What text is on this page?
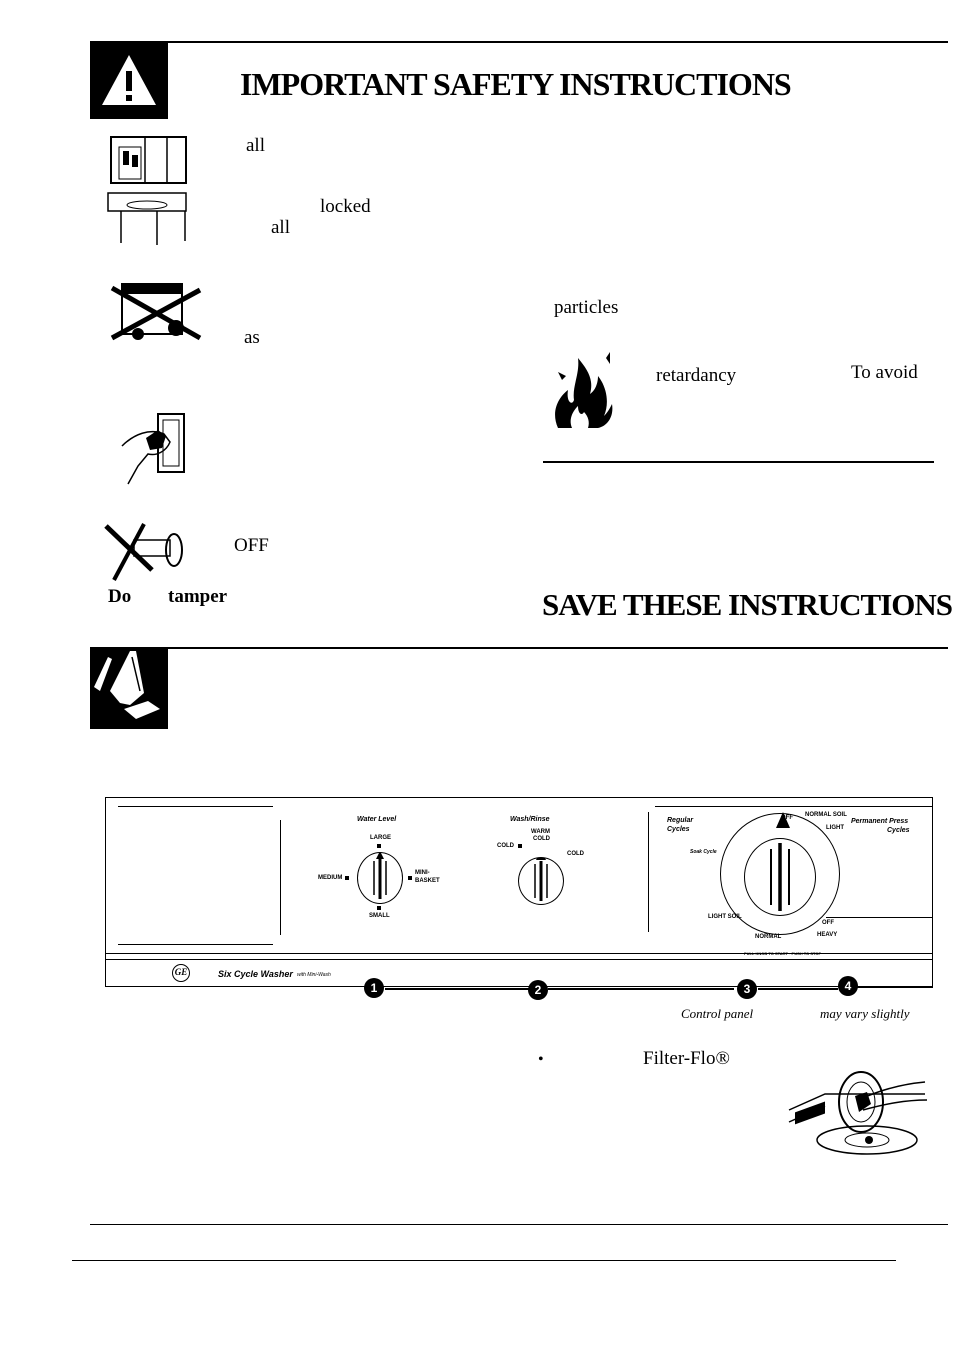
IMPORTANT SAFETY INSTRUCTIONS
all
locked
all
as
OFF
Do tamper
particles
retardancy	To avoid
SAVE THESE INSTRUCTIONS
Water Level
LARGE
MEDIUM
MINI-
BASKET
SMALL
Wash/Rinse
WARM
COLD
COLD
COLD
Regular
Cycles
Soak Cycle
LIGHT SOIL
NORMAL
OFF NORMAL SOIL
LIGHT
OFF
HEAVY
Permanent Press
Cycles
PULL KNOB TO START · PUSH TO STOP
GE	Six Cycle Washer with Mini-Wash
1	2	3	4
Control panel	may vary slightly
•	Filter-Flo®
